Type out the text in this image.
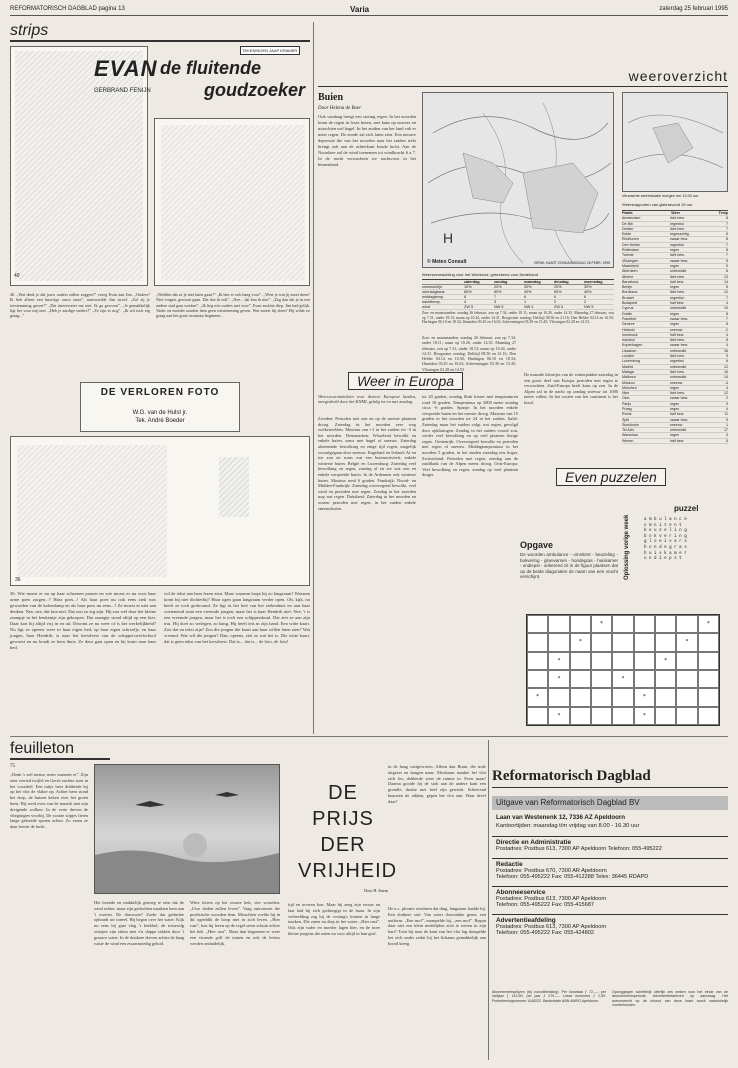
REFORMATORISCH DAGBLAD pagina 13	Varia	zaterdag 25 februari 1995
strips
40
EVAN de fluitende
goudzoeker
GERBRAND FENIJN
TEKENINGEN JAAP KRAMER
40. „Wat denk je dat jouw ouders zullen zeggen?” vroeg Evan aan Jim. „Ouders? Ik heb alleen een knorrige ouwe tante”, antwoordde Jim stroef. „Zal zij je toestemming geven?” „Dat interesseert me niet. Ik ga gewoon”. „Je gemakkelijk ligt het voor mij niet. „Heb je aardige ouders?” „Ze zijn er nog”. „Ik wil toch erg graag...”
„Wedden dat ze je niet laten gaan?” „Ik ben er ook bang voor”. „Weet je wat jij moet doen? Niet vragen, gewoon gaan. Dat doe ik ook”. „Nee... dat kan ik niet”. „Zeg dan dat je in een andere stad gaat werken”. „Ik lieg m'n ouders niet voor”. Evan zuchtte diep. Jim had gelijk. Vader en moeder zouden hem geen toestemming geven. Wat moest hij doen? Hij wilde zo graag aan het grote avontuur beginnen...
DE VERLOREN FOTO
W.G. van de Hulst jr.
Tek. André Boeder
36
36. Wie moest er nu op haar schoenen passen en wie moest er nu voor haar arme poes zorgen...? Haar poes...! Als haar poes nu ook eens ziek was geworden van de kolendamp en als haar poes nu eens...? Ze moest er niet aan denken. Nee, nee, dat kon niet. Dat zou zo erg zijn. Hij zou wel door het kleine raampje in het keukentje zijn gekropen. Dat raampje stond altijd op een kier. Daar kon hij altijd vrij in en uit. Droomt ze nu weer of is het werkelijkheid? Nu ligt ze opeens weer in haar eigen bed, op haar eigen schreefje, en haar jongen, haar Hendrik, is naar het kerstfeest van de schipperswerfschool gewoest en nu houdt ze hem thuis. Ze deur gaat open en hij komt naar haar bed.
wil de tekst aan haar lezen zien. Maar waarom loopt hij zo langzaam? Waarom komt hij niet dichterbij? Haar ogen gaan langzaam verder open. Oh, kijk, nu heeft ze toch gedroomd. Ze ligt in het bed van het ziekenhuis en aan haar voeteneind staat een vreemde jongen, maar het is haar Hendrik niet. Nee, 't is een vreemde jongen, maar het is toch een schippersknul. Dat ziet ze aan zijn trui. Hij doet zo verlegen, zo bang. Hij heeft iets in zijn hand. Een witte kaart. Zou dat en tekst zijn? Zou die jongen die kaart aan haar willen laten zien? Wat vreemd. Wat wil die jongen? Dan, opeens, ziet ze wat het is. Die witte kaart, dat is geen tekst van het kerstfeest. Dat is... dat is... de foto, de foto!
weeroverzicht
Buien
Door Helena de Boer
Ook vandaag breigt een storing regen. In het noorden komt de regen in losse buien, met kans op onweer en misschien wel hagel. In het zuiden van het land valt er meer regen. De zonde zal zich laten zien. Een nieuwe depressie die van het noorden naar het zuiden trekt brengt ook aan de achterkant koude lucht. Aan de Noordzee zal de wind toenemen tot windkracht 6 a 7. In de nacht verwachten we nachtvorst in het binnenland.
H
© Meteo Consult	VERW. KAART ZONDAGMIDDAG 26 FEBR. 1995
Weersverwachting voor het Weekend, gebrekend voor Nederland
zaterdag	zondag	maandag	dinsdag	woensdag
zonneschijn	10%	20%	30%	20%	30%
neerslagkans	80%	60%	40%	60%	40%
middagtemp.	8	7	6	6	6
nachttemp.	4	3	1	2	2
wind	ZW 5	NW 5	NW 4	ZW 5	NW 5
Zon- en maanstanden: zondag 26 februari, zon op 7.34, onder 18.11; maan op 10.26, onder 14.35. Maandag 27 februari, zon op 7.31, onder 18.13; maan op 10.44, onder 14.31. Hoogwater zondag: Delfzijl 08.50 en 21.16; Den Helder 04.14 en 16.50; Harlingen 06.10 en 18.34; IJmuiden 03.45 en 16.02; Scheveningen 03.30 en 15.45; Vlissingen 02.28 en 14.53.
Verwachte weersituatie morgen om 13.00 uur
Weersrapporten van gisteravond 19 uur
Plaats	Weer	Temp
Amsterdam	licht bew.	8
De Bilt	regenbui	7
Deelen	licht bew.	7
Eelde	regenachtig	6
Eindhoven	zwaar bew.	8
Den Helder	regenbui	7
Rotterdam	regen	8
Twente	licht bew.	7
Vlissingen	zwaar bew.	9
Maastricht	regen	9
Aberdeen	onbewolkt	6
Athene	licht bew.	13
Barcelona	half bew.	14
Berlijn	regen	5
Bordeaux	licht bew.	12
Brussel	regenbui	7
Budapest	half bew.	4
Cyprus	onbewolkt	19
Dublin	regen	8
Frankfurt	zwaar bew.	7
Genève	regen	5
Helsinki	sneeuw	-2
Innsbruck	half bew.	4
Istanbul	licht bew.	8
Kopenhagen	zwaar bew.	4
Lissabon	onbewolkt	16
Londen	licht bew.	9
Luxemburg	regenbui	6
Madrid	onbewolkt	12
Malaga	licht bew.	16
Mallorca	onbewolkt	14
Moskou	sneeuw	-4
München	regen	4
Nice	licht bew.	12
Oslo	zwaar bew.	2
Parijs	regen	9
Praag	regen	4
Rome	half bew.	11
Split	zwaar bew.	9
Stockholm	sneeuw	1
Tel Aviv	onbewolkt	17
Warschau	regen	4
Wenen	half bew.	5
Zon- en maanstanden: zondag 26 februari, zon op 7.34, onder 18.11; maan op 10.26, onder 14.35. Maandag 27 februari, zon op 7.31, onder 18.13; maan op 10.44, onder 14.31. Hoogwater zondag: Delfzijl 08.50 en 21.16; Den Helder 04.14 en 16.50; Harlingen 06.10 en 18.34; IJmuiden 03.45 en 16.02; Scheveningen 03.30 en 15.45; Vlissingen 02.28 en 14.53.
Weer in Europa
Weersvooruitzichten voor diverse Europese landen, meegedeeld door het KNMI, geldig tot en met zondag:
Zweden: Perioden met zon en op de meeste plaatsen droog. Zaterdag in het noorden zeer weg wolkenvelden. Maxima van +1 in het zuiden tot -3 in het noorden. Denemarken: Wisselend bewolkt en enkele buien, soms met hagel of sneeuw. Zaterdag afnemende bewolking en enige tijd regen, mogelijk voorafgegaan door sneeuw. Engeland en Ierland: Af en toe zon en soms wat een buienactiviteit, enkele winterse buien. België en Luxemburg: Zaterdag veel bewolking en regen, zondag af en toe wat zon en enkele verspreide buien. In de Ardennen ook winterse buien. Maxima rond 6 graden. Frankrijk: Noord- en Midden-Frankrijk: Zaterdag overwegend bewolkt, veel wind en perioden met regen. Zondag in het noorden nog wat regen. Duitsland: Zaterdag in het noorden en oosten perioden met regen, in het zuiden enkele sneeuwbuien.
tot 20 graden, zondag flink frisser met temperaturen rond 10 graden. Temperatuur op 2000 meter zondag circa -6 graden. Spanje: In het noorden enkele verspreide buien en het meeste droog. Maxima van 15 graden in het noorden tot 24 in het zuiden. Italië: Zaterdag maar het zuiden volgt wat regen, gevolgd door opklaringen. Zondag in het zuiden vooral zon, verder veel bewolking en op veel plaatsen buiige regen. Oostenrijk: Overwegend bewolkt en perioden met regen of sneeuw. Middagtemperatuur in het noorden 5 graden, in het zuiden zaterdag iets hoger. Zwitserland: Perioden met regen, zondag aan de zuidflank van de Alpen meest droog. Oost-Europa: Veel bewolking en regen, zondag op veel plaatsen droger.
De massale kleurtjes van de winterpakket zaterdag in een groot deel van Europa perioden met regen te verwachten. Zuid-Europa heeft kans op zon. In de Alpen zal in de nacht op zondag sneeuw tot 1000 meter vallen. In het oosten van het continent is het koud.
Even puzzelen
puzzel
Opgave
De woorden ambulance - omnitent - beuzeling - bokvering - gloeivarsen - hondegras - huiskamer - ondiepst - onkerend zit in de figuur plaatsen dat op de beide diagonalen de naam van een vrucht verschijnt.	Oplossing vorige week	a m b u l a n c e
o m n i t e n t
b e u z e l i n g
b o k v e r i n g
g l o e i v a r s
h o n d e g r a s
h u i s k a m e r
o n d i e p s t
*	*
*	*
*	*
*	*
*	*
*	*
feuilleton
75
„Denk 's wel mense, meer wanneer er”. Zijn eten verried twijfel en Gerrit zuchtte toen in het voordeel. Een tuitje later dobberde hij op het vlot de vlakte op. Achter hem stond het dorp, de huizen keken over het groen heen. Hij werd even van de muziek met zijn dreigende wolken. In de verte dreven de vliegtuigen voorbij. De zwarte stipjes lieten lange gekrulde sporen achter. Zo varen ze daar boven de lucht.
Het boende en makkelijk genoeg te zien dat de wind achter, maar zijn gedachten maakten hem aan 't zweten. De diavoorie? Zoekt dat gedachte ophoudt uw toneel. Hij begon over het water. Kijk nu eens hij gaat vlug 's kerkhof, de treurwilg zwiepte zijn taken met z'n slappe takken door 't grauwe water. In de donkere dreven achter de haag ruiste de wind een zwaarmoedig geluid.
Witte letters op het zwarte bek, vier woorden: „Uwe doden zullen leven”. Vaag ontrouwen die profetische woorden hem. Misschien voelde hij in dit ogenblik de hoop niet in zich leven. „Hier rust”, kon hij lezen op de regel steen schuin achter het hek. „Hier rust”. Maar dan begonnen er weer een vioende golf de tranen en ook de letters werden onduidelijk.
DE PRIJS DER VRIJHEID
Door H. Sturm
tijd en toveren kon. Maar hij zeeg zijn vrouw en laar had hij zich geduwgigt in de baan. In zijn verbeelding zag hij de vesting's kronen in lange tuieken. Die zaten nu diep in het water. „Hier rust”. Ook zijn vader en moeder lagen hier, en de twee kleine jongens die zaten nu voor altijd in hun graf.
in de haag vastgevroren. Alleen dan Bram, die stole uitgezet en haagen maar. Mosbaarn maakte het vlot zich los, dobberde weer de ruimte in. Even maar! Daarna gooide hij de stok aan de andere kant een grondle, drukte met heel zijn gewicht. Scheerend knarsten de takken, gepen het vlot aan. Waar dreef daar?
De n.c. plonste overheen dat ding, langzaam haalde hij. Een donkere stof. Van water doorzinkte grens, een uniform. „Een mof”, mompelde hij, „een mof”. Begon daar niet een klein medelijden zich te roeren in zijn hart? Toen hij naar de kant van het vlot lag dompelde het zich onder zodat hij het lichaam gemakkelijk aan boord kreeg.
Reformatorisch Dagblad
Uitgave van Reformatorisch Dagblad BV
Laan van Westenenk 12, 7336 AZ Apeldoorn
Kantoortijden: maandag t/m vrijdag van 8.00 - 16.30 uur
Directie en Administratie
Postadres: Postbus 613, 7300 AP Apeldoorn Telefoon: 055-495222
Redactie
Postadres: Postbus 670, 7300 AR Apeldoorn
Telefoon: 055-495222 Fax: 055-412288 Telex: 36445 RDAPD
Abonneeservice
Postadres: Postbus 613, 7300 AP Apeldoorn
Telefoon: 055-495222 Fax: 055-415687
Advertentieafdeling
Postadres: Postbus 613, 7300 AP Apeldoorn
Telefoon: 055-495222 Fax: 055-424802
Abonnementsprijzen (bij vooruitbetaling): Per kwartaal ƒ 72,—; per halfjaar ƒ 142,50; per jaar ƒ 279,—. Losse nummers ƒ 1,50. Postrekeningnummer 1048222. Bankrelatie ABN AMRO Apeldoorn.
Opzeggingen schriftelijk uiterlijk zes weken voor het einde van de abonnementsperiode. Advertentietarieven op aanvraag. Het auteursrecht op de inhoud van deze krant wordt nadrukkelijk voorbehouden.
